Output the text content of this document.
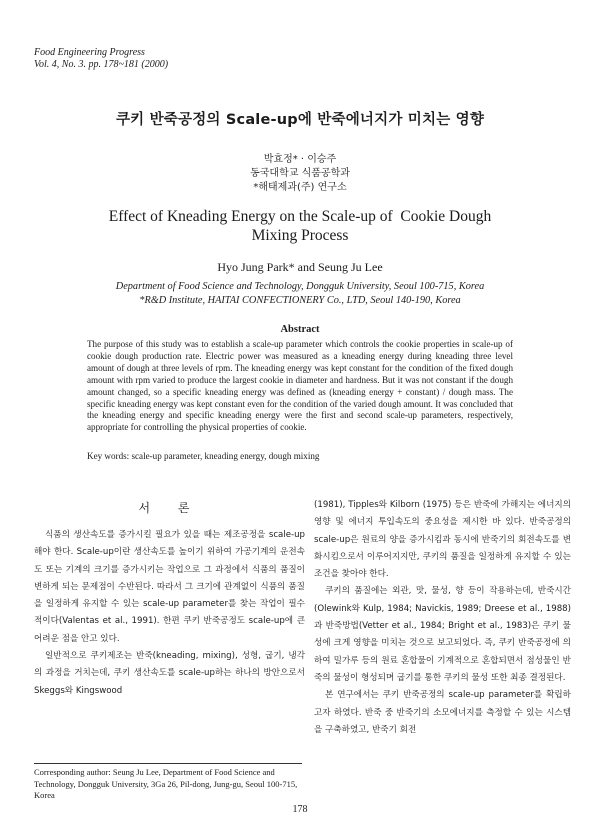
Food Engineering Progress
Vol. 4, No. 3. pp. 178~181 (2000)
쿠키 반죽공정의 Scale-up에 반죽에너지가 미치는 영향
박효정* · 이승주
동국대학교 식품공학과
*해태제과(주) 연구소
Effect of Kneading Energy on the Scale-up of  Cookie Dough
Mixing Process
Hyo Jung Park* and Seung Ju Lee
Department of Food Science and Technology, Dongguk University, Seoul 100-715, Korea
*R&D Institute, HAITAI CONFECTIONERY Co., LTD, Seoul 140-190, Korea
Abstract
The purpose of this study was to establish a scale-up parameter which controls the cookie properties in scale-up of cookie dough production rate. Electric power was measured as a kneading energy during kneading three level amount of dough at three levels of rpm. The kneading energy was kept constant for the condition of the fixed dough amount with rpm varied to produce the largest cookie in diameter and hardness. But it was not constant if the dough amount changed, so a specific kneading energy was defined as (kneading energy + constant) / dough mass. The specific kneading energy was kept constant even for the condition of the varied dough amount. It was concluded that the kneading energy and specific kneading energy were the first and second scale-up parameters, respectively, appropriate for controlling the physical properties of cookie.
Key words: scale-up parameter, kneading energy, dough mixing
서 론

식품의 생산속도를 증가시킬 필요가 있을 때는 제조공정을 scale-up해야 한다. Scale-up이란 생산속도를 높이기 위하여 가공기계의 운전속도 또는 기계의 크기를 증가시키는 작업으로 그 과정에서 식품의 품질이 변하게 되는 문제점이 수반된다. 따라서 그 크기에 관계없이 식품의 품질을 일정하게 유지할 수 있는 scale-up parameter를 찾는 작업이 필수적이다(Valentas et al., 1991). 한편 쿠키 반죽공정도 scale-up에 큰 어려운 점을 안고 있다.

일반적으로 쿠키제조는 반죽(kneading, mixing), 성형, 굽기, 냉각의 과정을 거치는데, 쿠키 생산속도를 scale-up하는 하나의 방안으로서 Skeggs와 Kingswood

(1981), Tipples와 Kilborn (1975) 등은 반죽에 가해지는 에너지의 영향 및 에너지 투입속도의 중요성을 제시한 바 있다. 반죽공정의 scale-up은 원료의 양을 증가시킴과 동시에 반죽기의 회전속도를 변화시킴으로서 이루어지지만, 쿠키의 품질을 일정하게 유지할 수 있는 조건을 찾아야 한다.

쿠키의 품질에는 외관, 맛, 물성, 향 등이 작용하는데, 반죽시간(Olewink와 Kulp, 1984; Navickis, 1989; Dreese et al., 1988)과 반죽방법(Vetter et al., 1984; Bright et al., 1983)은 쿠키 물성에 크게 영향을 미치는 것으로 보고되었다. 즉, 쿠키 반죽공정에 의하여 밀가루 등의 원료 혼합물이 기계적으로 혼합되면서 점성물인 반죽의 물성이 형성되며 굽기를 통한 쿠키의 물성 또한 최종 결정된다.

본 연구에서는 쿠키 반죽공정의 scale-up parameter를 확립하고자 하였다. 반죽 중 반죽기의 소모에너지를 측정할 수 있는 시스템을 구축하였고, 반죽기 회전

Corresponding author: Seung Ju Lee, Department of Food Science and Technology, Dongguk University, 3Ga 26, Pil-dong, Jung-gu, Seoul 100-715, Korea
178
